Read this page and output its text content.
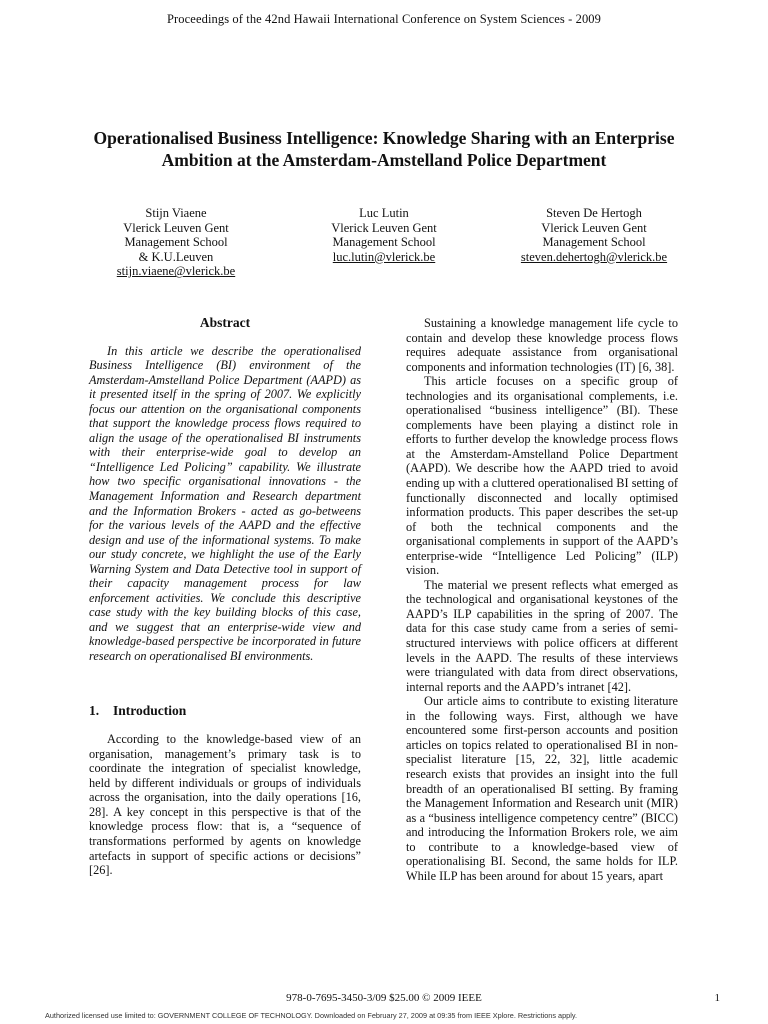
Proceedings of the 42nd Hawaii International Conference on System Sciences - 2009
Operationalised Business Intelligence: Knowledge Sharing with an Enterprise
Ambition at the Amsterdam-Amstelland Police Department
Stijn Viaene
Vlerick Leuven Gent
Management School
& K.U.Leuven
stijn.viaene@vlerick.be
Luc Lutin
Vlerick Leuven Gent
Management School
luc.lutin@vlerick.be
Steven De Hertogh
Vlerick Leuven Gent
Management School
steven.dehertogh@vlerick.be
Abstract

In this article we describe the operationalised Business Intelligence (BI) environment of the Amsterdam-Amstelland Police Department (AAPD) as it presented itself in the spring of 2007. We explicitly focus our attention on the organisational components that support the knowledge process flows required to align the usage of the operationalised BI instruments with their enterprise-wide goal to develop an “Intelligence Led Policing” capability. We illustrate how two specific organisational innovations - the Management Information and Research department and the Information Brokers - acted as go-betweens for the various levels of the AAPD and the effective design and use of the informational systems. To make our study concrete, we highlight the use of the Early Warning System and Data Detective tool in support of their capacity management process for law enforcement activities. We conclude this descriptive case study with the key building blocks of this case, and we suggest that an enterprise-wide view and knowledge-based perspective be incorporated in future research on operationalised BI environments.

1. Introduction

According to the knowledge-based view of an organisation, management’s primary task is to coordinate the integration of specialist knowledge, held by different individuals or groups of individuals across the organisation, into the daily operations [16, 28]. A key concept in this perspective is that of the knowledge process flow: that is, a “sequence of transformations performed by agents on knowledge artefacts in support of specific actions or decisions” [26].

Sustaining a knowledge management life cycle to contain and develop these knowledge process flows requires adequate assistance from organisational components and information technologies (IT) [6, 38].

This article focuses on a specific group of technologies and its organisational complements, i.e. operationalised “business intelligence” (BI). These complements have been playing a distinct role in efforts to further develop the knowledge process flows at the Amsterdam-Amstelland Police Department (AAPD). We describe how the AAPD tried to avoid ending up with a cluttered operationalised BI setting of functionally disconnected and locally optimised information products. This paper describes the set-up of both the technical components and the organisational complements in support of the AAPD’s enterprise-wide “Intelligence Led Policing” (ILP) vision.

The material we present reflects what emerged as the technological and organisational keystones of the AAPD’s ILP capabilities in the spring of 2007. The data for this case study came from a series of semi-structured interviews with police officers at different levels in the AAPD. The results of these interviews were triangulated with data from direct observations, internal reports and the AAPD’s intranet [42].

Our article aims to contribute to existing literature in the following ways. First, although we have encountered some first-person accounts and position articles on topics related to operationalised BI in non-specialist literature [15, 22, 32], little academic research exists that provides an insight into the full breadth of an operationalised BI setting. By framing the Management Information and Research unit (MIR) as a “business intelligence competency centre” (BICC) and introducing the Information Brokers role, we aim to contribute to a knowledge-based view of operationalising BI. Second, the same holds for ILP. While ILP has been around for about 15 years, apart

978-0-7695-3450-3/09 $25.00 © 2009 IEEE	1
Authorized licensed use limited to: GOVERNMENT COLLEGE OF TECHNOLOGY. Downloaded on February 27, 2009 at 09:35 from IEEE Xplore. Restrictions apply.
